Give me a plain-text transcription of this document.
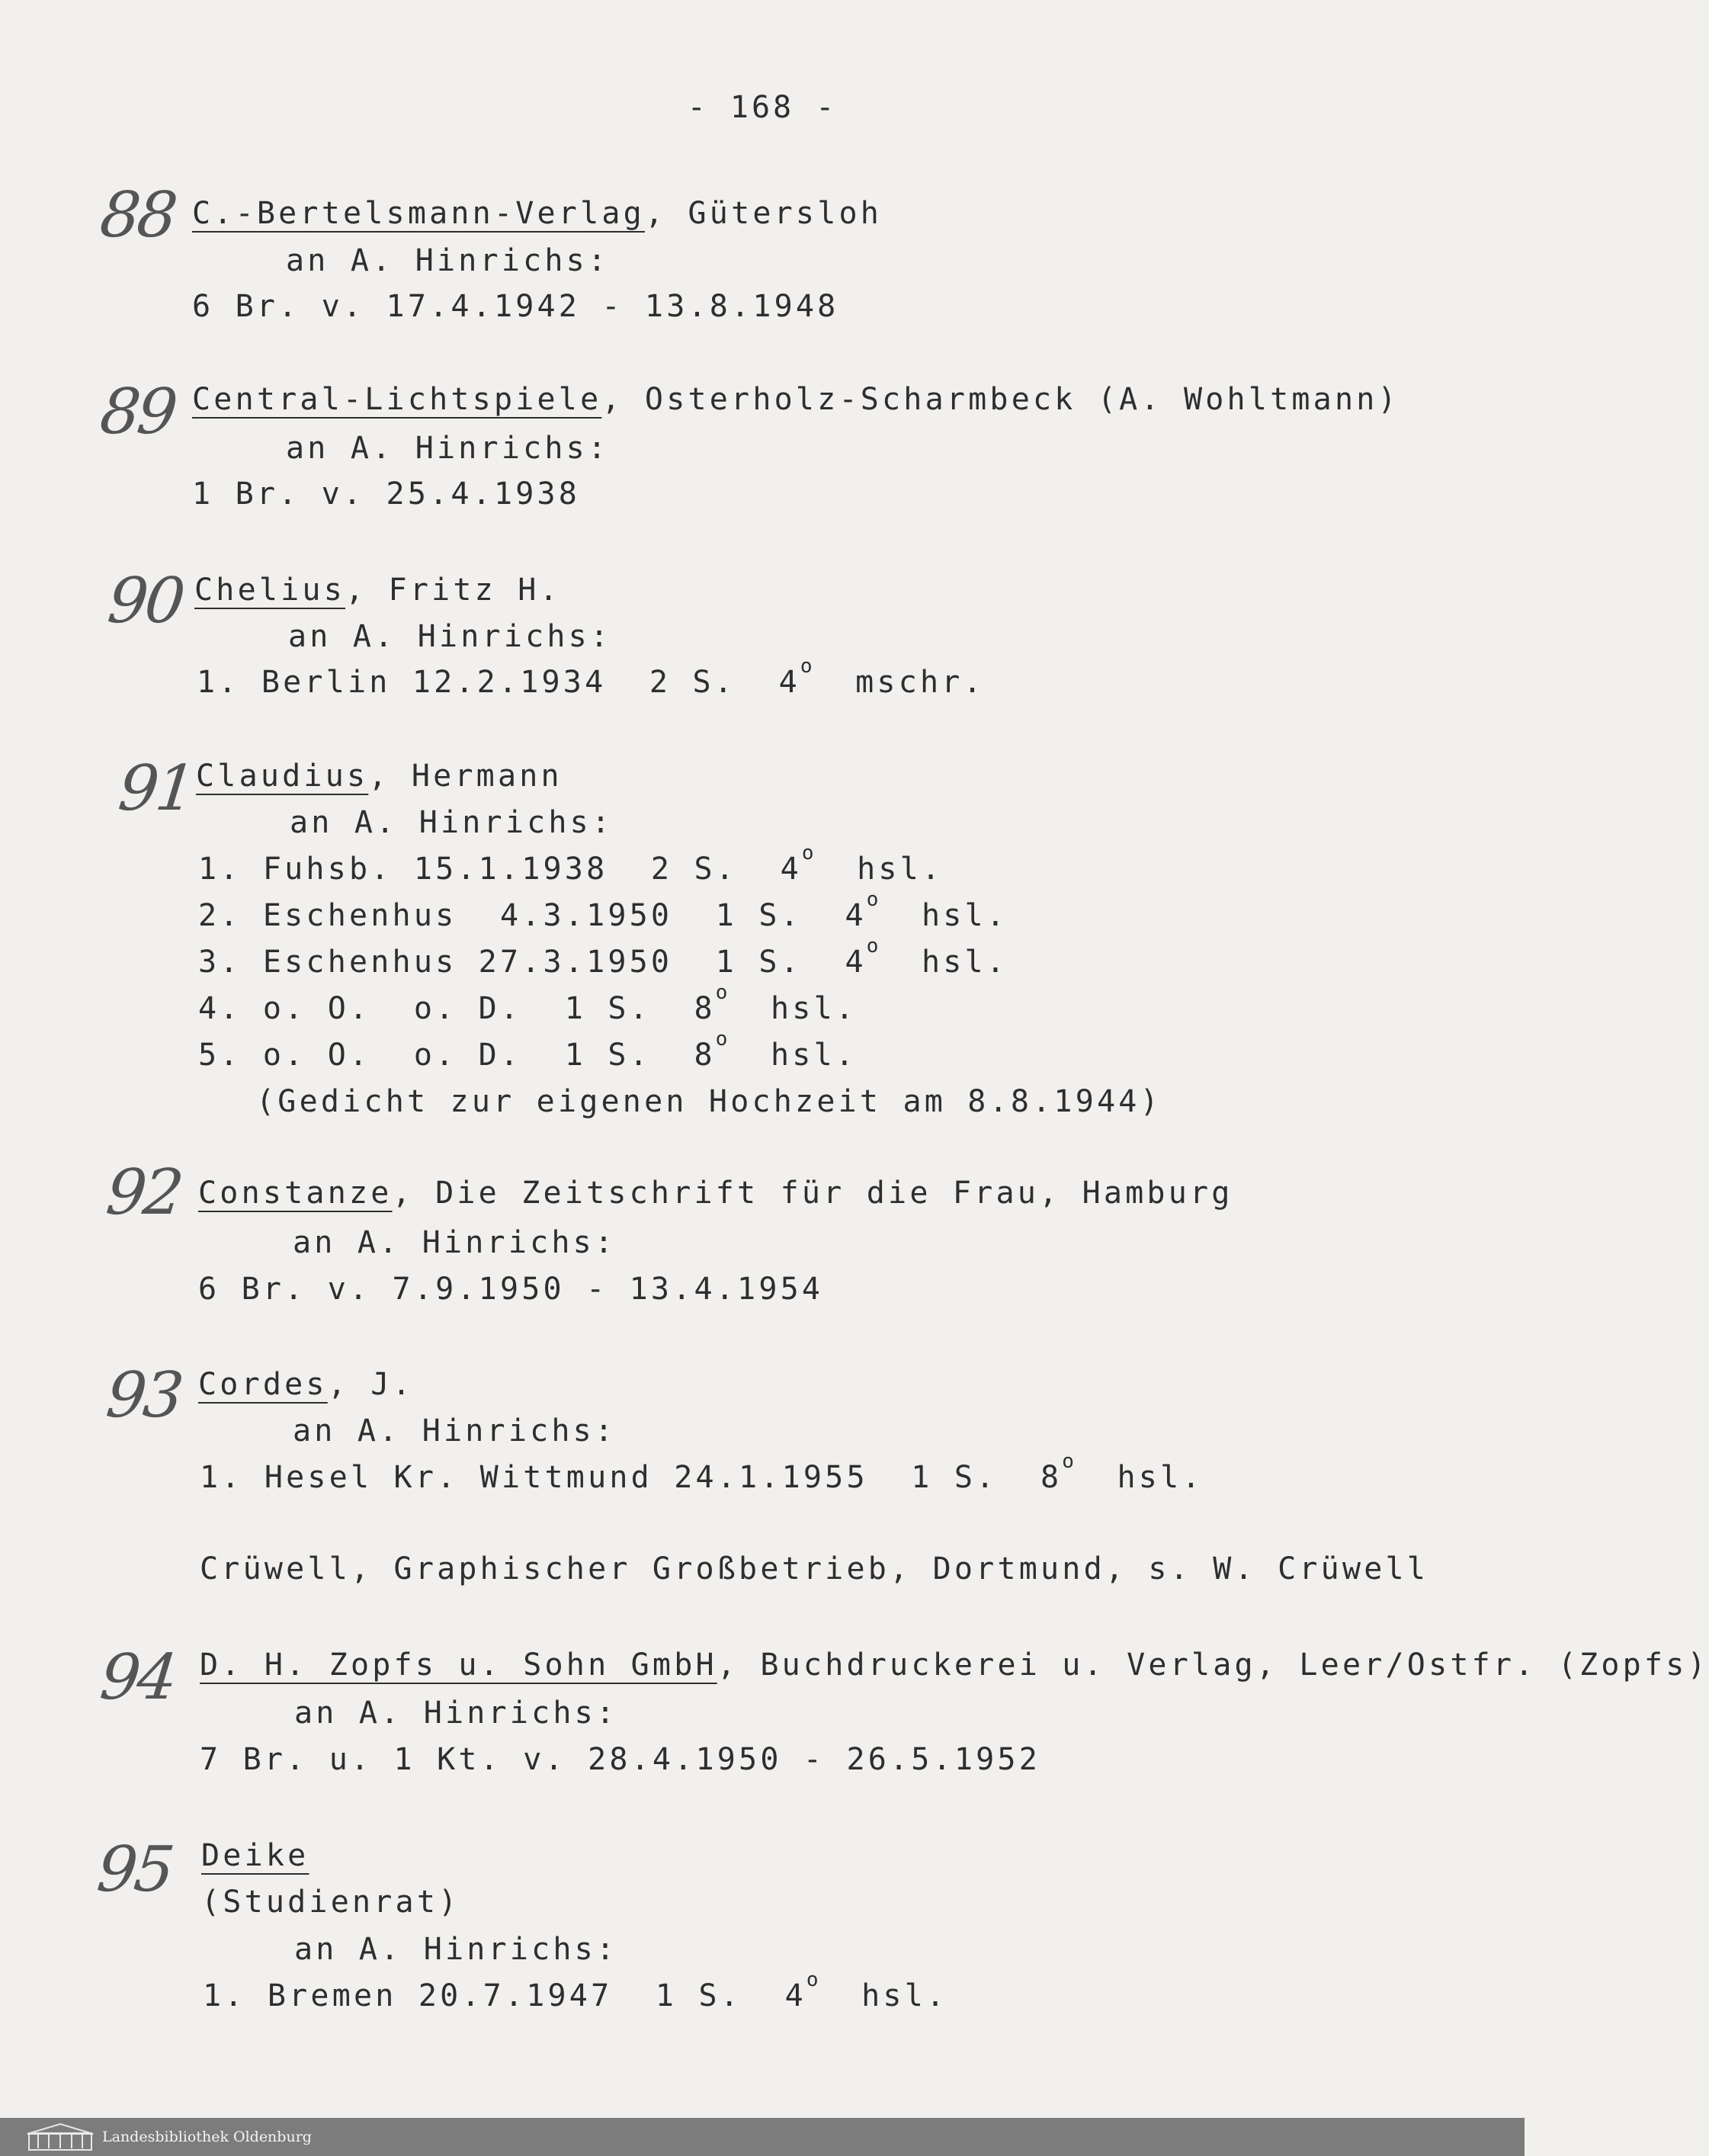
- 168 -
88 C.-Bertelsmann-Verlag, Gütersloh
an A. Hinrichs:
6 Br. v. 17.4.1942 - 13.8.1948
89 Central-Lichtspiele, Osterholz-Scharmbeck (A. Wohltmann)
an A. Hinrichs:
1 Br. v. 25.4.1938
90 Chelius, Fritz H.
an A. Hinrichs:
1. Berlin 12.2.1934  2 S.  4$^o$ mschr.
91 Claudius, Hermann
an A. Hinrichs:
1. Fuhsb. 15.1.1938  2 S.  4$^o$ hsl.
2. Eschenhus  4.3.1950  1 S.  4$^o$ hsl.
3. Eschenhus 27.3.1950  1 S.  4$^o$ hsl.
4. o. O.  o. D.  1 S.  8$^o$ hsl.
5. o. O.  o. D.  1 S.  8$^o$ hsl.
(Gedicht zur eigenen Hochzeit am 8.8.1944)
92 Constanze, Die Zeitschrift für die Frau, Hamburg
an A. Hinrichs:
6 Br. v. 7.9.1950 - 13.4.1954
93 Cordes, J.
an A. Hinrichs:
1. Hesel Kr. Wittmund 24.1.1955  1 S.  8$^o$ hsl.
Crüwell, Graphischer Großbetrieb, Dortmund, s. W. Crüwell
94 D. H. Zopfs u. Sohn GmbH, Buchdruckerei u. Verlag, Leer/Ostfr. (Zopfs)
an A. Hinrichs:
7 Br. u. 1 Kt. v. 28.4.1950 - 26.5.1952
95 Deike
(Studienrat)
an A. Hinrichs:
1. Bremen 20.7.1947  1 S.  4$^o$ hsl.
Landesbibliothek Oldenburg
